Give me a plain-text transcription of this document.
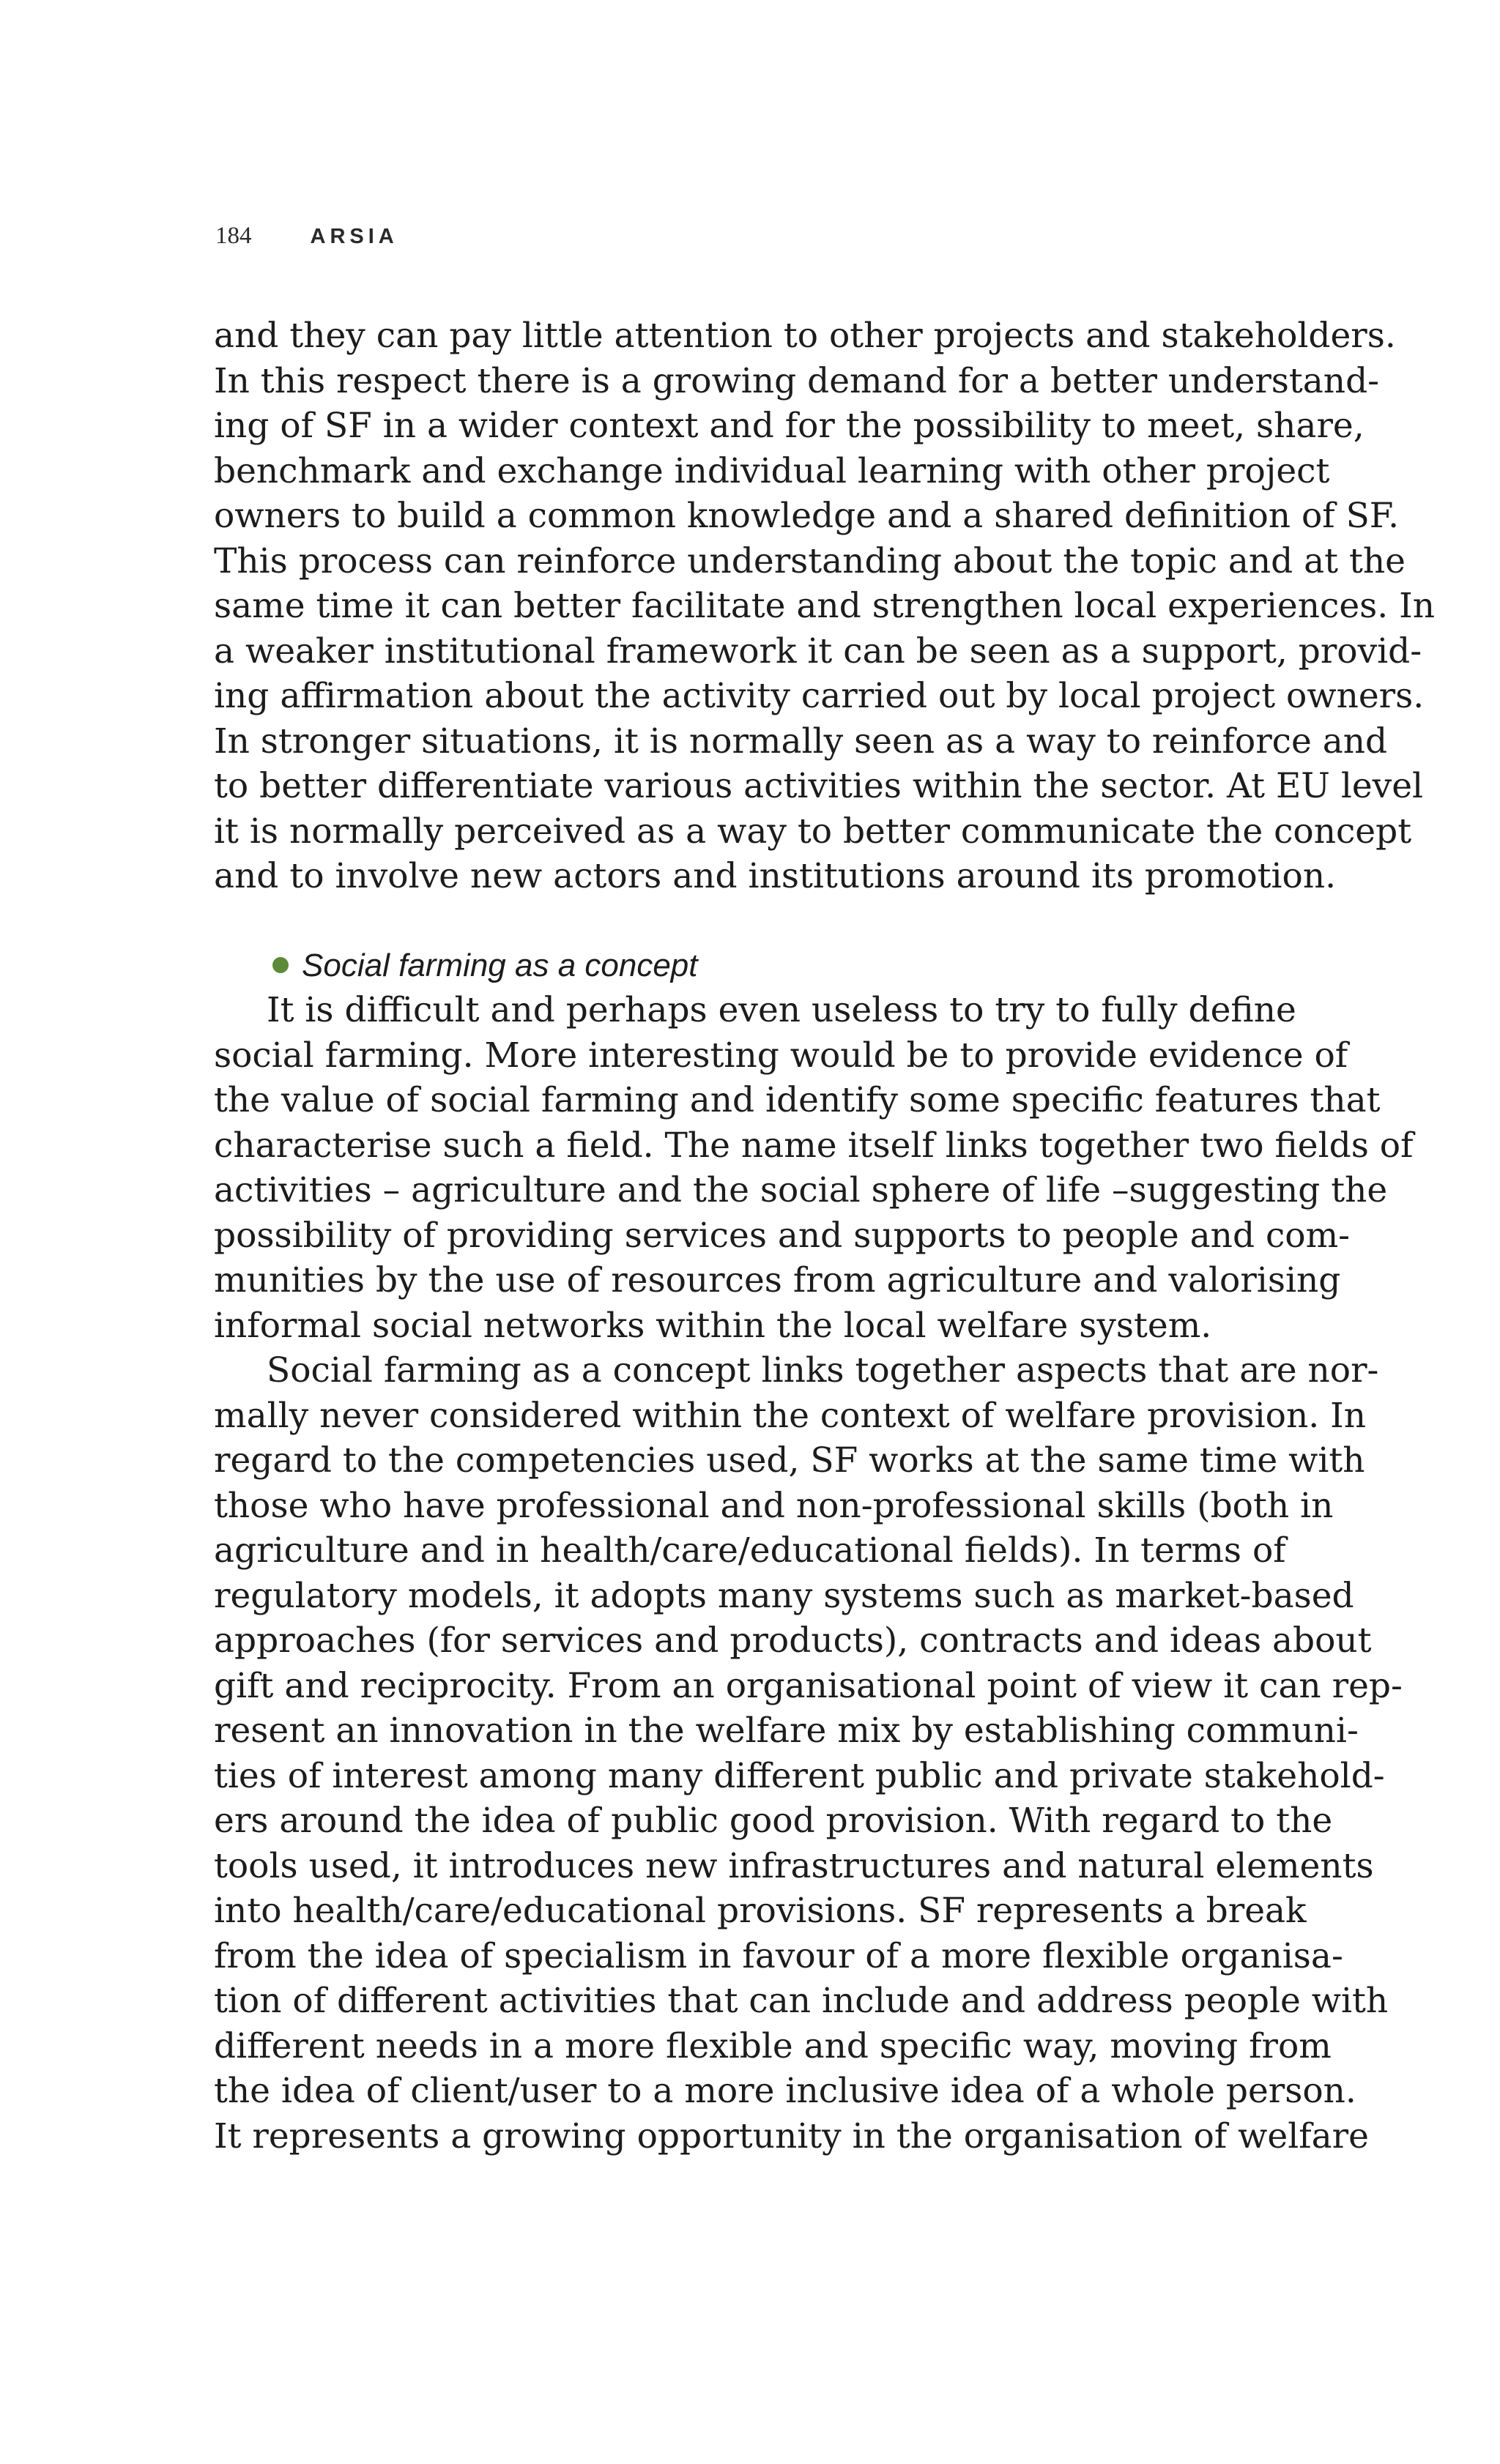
184	ARSIA
and they can pay little attention to other projects and stakeholders.
In this respect there is a growing demand for a better understand-
ing of SF in a wider context and for the possibility to meet, share,
benchmark and exchange individual learning with other project
owners to build a common knowledge and a shared definition of SF.
This process can reinforce understanding about the topic and at the
same time it can better facilitate and strengthen local experiences. In
a weaker institutional framework it can be seen as a support, provid-
ing affirmation about the activity carried out by local project owners.
In stronger situations, it is normally seen as a way to reinforce and
to better differentiate various activities within the sector. At EU level
it is normally perceived as a way to better communicate the concept
and to involve new actors and institutions around its promotion.
Social farming as a concept
It is difficult and perhaps even useless to try to fully define
social farming. More interesting would be to provide evidence of
the value of social farming and identify some specific features that
characterise such a field. The name itself links together two fields of
activities – agriculture and the social sphere of life –suggesting the
possibility of providing services and supports to people and com-
munities by the use of resources from agriculture and valorising
informal social networks within the local welfare system.
Social farming as a concept links together aspects that are nor-
mally never considered within the context of welfare provision. In
regard to the competencies used, SF works at the same time with
those who have professional and non-professional skills (both in
agriculture and in health/care/educational fields). In terms of
regulatory models, it adopts many systems such as market-based
approaches (for services and products), contracts and ideas about
gift and reciprocity. From an organisational point of view it can rep-
resent an innovation in the welfare mix by establishing communi-
ties of interest among many different public and private stakehold-
ers around the idea of public good provision. With regard to the
tools used, it introduces new infrastructures and natural elements
into health/care/educational provisions. SF represents a break
from the idea of specialism in favour of a more flexible organisa-
tion of different activities that can include and address people with
different needs in a more flexible and specific way, moving from
the idea of client/user to a more inclusive idea of a whole person.
It represents a growing opportunity in the organisation of welfare
